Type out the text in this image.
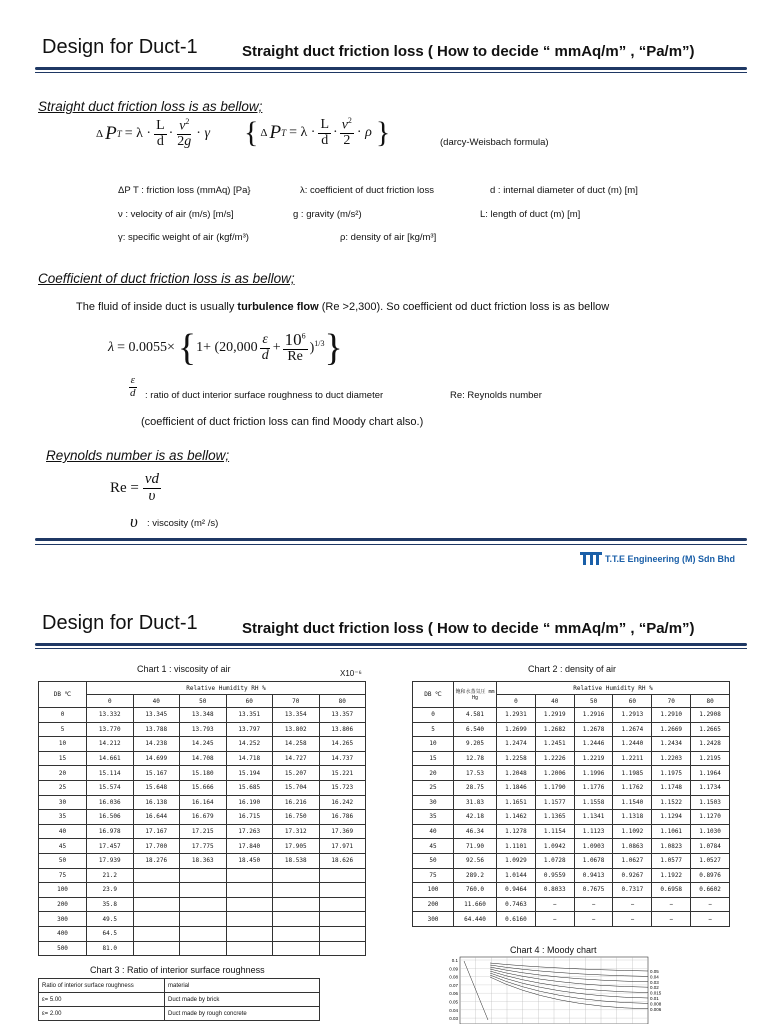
Design for Duct-1	Straight duct friction loss ( How to decide “ mmAq/m” , “Pa/m”)
Straight duct friction loss is as bellow;
Δ P $T = \lambda \cdot \frac{L}{d} \cdot \frac{v^2}{2g} \cdot \gamma$ { Δ P $T = \lambda \cdot \frac{L}{d} \cdot \frac{v^2}{2} \cdot \rho$ }	(darcy-Weisbach formula)
ΔP T : friction loss (mmAq) [Pa}	λ: coefficient of duct friction loss	d : internal diameter of duct (m) [m]
ν : velocity of air (m/s) [m/s]	g : gravity (m/s²)	L: length of duct (m) [m]
γ: specific weight of air (kgf/m³)	ρ: density of air [kg/m³]
Coefficient of duct friction loss is as bellow;
The fluid of inside duct is usually turbulence flow (Re >2,300). So coefficient od duct friction loss is as bellow
λ = 0.0055× { $1+ (20,000 \frac{\varepsilon}{d} + \frac{10^6}{Re} )^{1/3}$ }
$\frac{\varepsilon}{d}$ : ratio of duct interior surface roughness to duct diameter	Re: Reynolds number
(coefficient of duct friction loss can find Moody chart also.)
Reynolds number is as bellow;
$Re = \frac{vd}{\upsilon}$
υ : viscosity (m² /s)
T.T.E Engineering (M) Sdn Bhd
Design for Duct-1	Straight duct friction loss ( How to decide “ mmAq/m” , “Pa/m”)
Chart 1 : viscosity of air	X10⁻⁶
DB ℃	Relative Humidity RH %					
	0	40	50	60	70	80
0	13.332	13.345	13.348	13.351	13.354	13.357
5	13.770	13.788	13.793	13.797	13.802	13.806
10	14.212	14.238	14.245	14.252	14.258	14.265
15	14.661	14.699	14.708	14.718	14.727	14.737
20	15.114	15.167	15.180	15.194	15.207	15.221
25	15.574	15.648	15.666	15.685	15.704	15.723
30	16.036	16.138	16.164	16.190	16.216	16.242
35	16.506	16.644	16.679	16.715	16.750	16.786
40	16.978	17.167	17.215	17.263	17.312	17.369
45	17.457	17.700	17.775	17.840	17.905	17.971
50	17.939	18.276	18.363	18.450	18.538	18.626
75	21.2					
100	23.9					
200	35.8					
300	49.5					
400	64.5					
500	81.0					
Chart 2 : density of air
DB ℃	飽和水蒸気圧 mm Hg	Relative Humidity RH %					
		0	40	50	60	70	80
0	4.581	1.2931	1.2919	1.2916	1.2913	1.2910	1.2908
5	6.540	1.2699	1.2682	1.2678	1.2674	1.2669	1.2665
10	9.205	1.2474	1.2451	1.2446	1.2440	1.2434	1.2428
15	12.78	1.2258	1.2226	1.2219	1.2211	1.2203	1.2195
20	17.53	1.2048	1.2006	1.1996	1.1985	1.1975	1.1964
25	28.75	1.1846	1.1790	1.1776	1.1762	1.1748	1.1734
30	31.83	1.1651	1.1577	1.1558	1.1540	1.1522	1.1503
35	42.18	1.1462	1.1365	1.1341	1.1318	1.1294	1.1270
40	46.34	1.1278	1.1154	1.1123	1.1092	1.1061	1.1030
45	71.90	1.1101	1.0942	1.0903	1.0863	1.0823	1.0784
50	92.56	1.0929	1.0728	1.0678	1.0627	1.0577	1.0527
75	289.2	1.0144	0.9559	0.9413	0.9267	1.1922	0.8976
100	760.0	0.9464	0.8033	0.7675	0.7317	0.6958	0.6602
200	11.660	0.7463	−	−	−	−	−
300	64.440	0.6160	−	−	−	−	−
Chart 3 : Ratio of interior surface roughness
Ratio of interior surface roughness	material
ε= 5.00	Duct made by brick
ε= 2.00	Duct made by rough concrete
Chart 4 : Moody chart
0.1
0.09
0.08
0.07
0.06
0.05
0.04
0.03
0.05
0.04
0.03
0.02
0.015
0.01
0.008
0.006
